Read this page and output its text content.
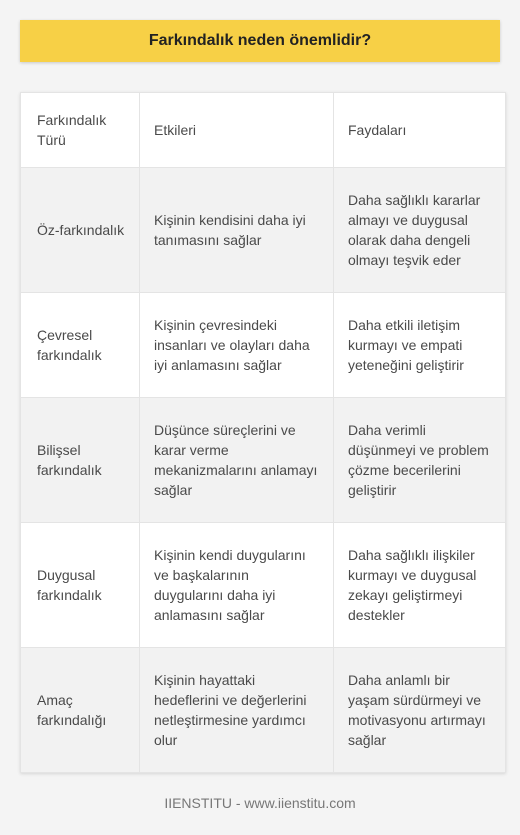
Farkındalık neden önemlidir?
Farkındalık Türü	Etkileri	Faydaları
Öz-farkındalık	Kişinin kendisini daha iyi tanımasını sağlar	Daha sağlıklı kararlar almayı ve duygusal olarak daha dengeli olmayı teşvik eder
Çevresel farkındalık	Kişinin çevresindeki insanları ve olayları daha iyi anlamasını sağlar	Daha etkili iletişim kurmayı ve empati yeteneğini geliştirir
Bilişsel farkındalık	Düşünce süreçlerini ve karar verme mekanizmalarını anlamayı sağlar	Daha verimli düşünmeyi ve problem çözme becerilerini geliştirir
Duygusal farkındalık	Kişinin kendi duygularını ve başkalarının duygularını daha iyi anlamasını sağlar	Daha sağlıklı ilişkiler kurmayı ve duygusal zekayı geliştirmeyi destekler
Amaç farkındalığı	Kişinin hayattaki hedeflerini ve değerlerini netleştirmesine yardımcı olur	Daha anlamlı bir yaşam sürdürmeyi ve motivasyonu artırmayı sağlar
IIENSTITU - www.iienstitu.com
